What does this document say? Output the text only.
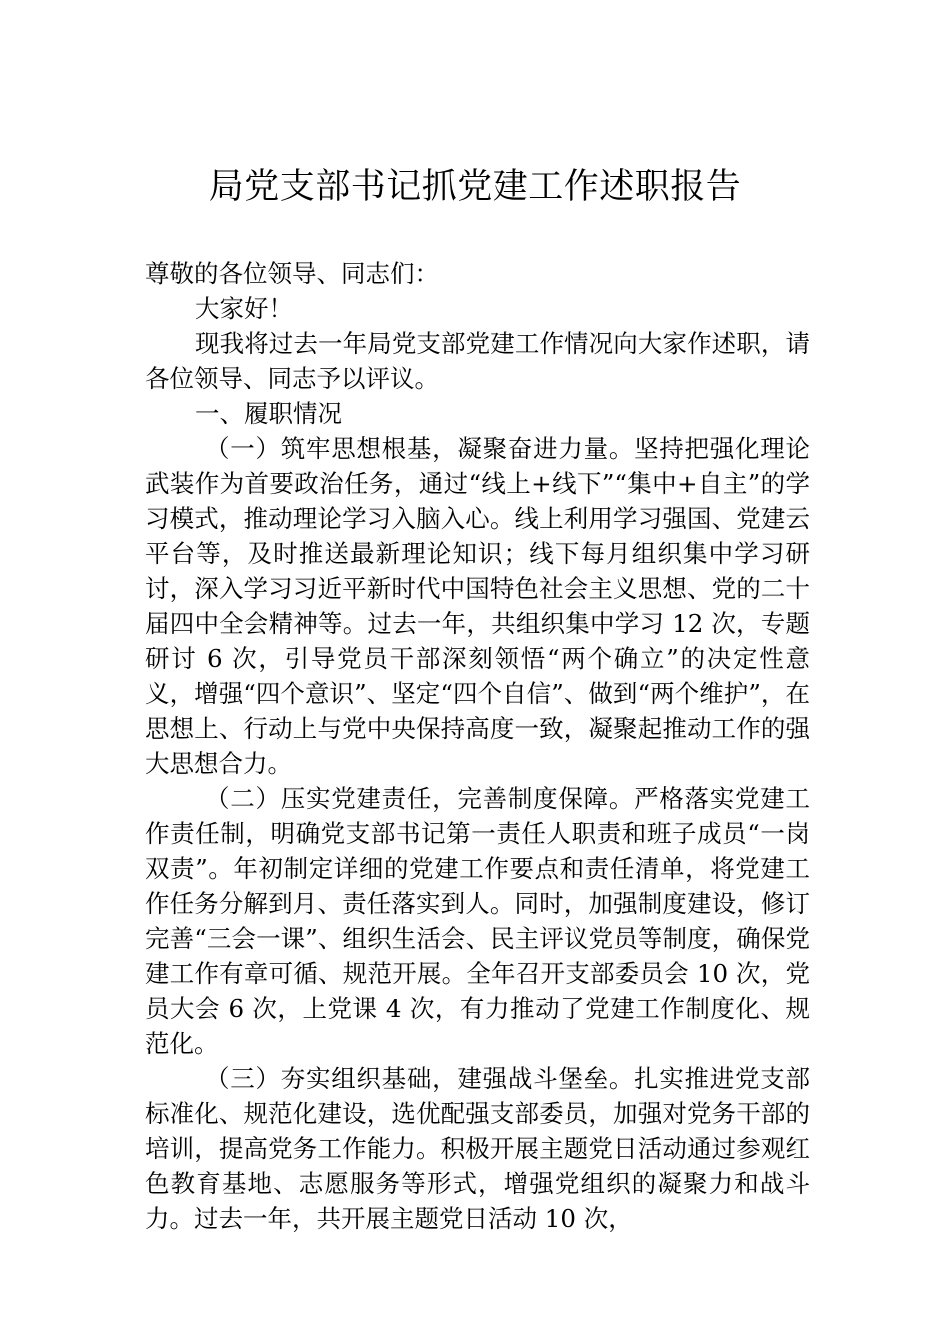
局党支部书记抓党建工作述职报告

尊敬的各位领导、同志们：

大家好！

现我将过去一年局党支部党建工作情况向大家作述职，请各位领导、同志予以评议。

一、履职情况

（一）筑牢思想根基，凝聚奋进力量。坚持把强化理论武装作为首要政治任务，通过“线上+线下”“集中+自主”的学习模式，推动理论学习入脑入心。线上利用学习强国、党建云平台等，及时推送最新理论知识；线下每月组织集中学习研讨，深入学习习近平新时代中国特色社会主义思想、党的二十届四中全会精神等。过去一年，共组织集中学习 12 次，专题研讨 6 次，引导党员干部深刻领悟“两个确立”的决定性意义，增强“四个意识”、坚定“四个自信”、做到“两个维护”，在思想上、行动上与党中央保持高度一致，凝聚起推动工作的强大思想合力。

（二）压实党建责任，完善制度保障。严格落实党建工作责任制，明确党支部书记第一责任人职责和班子成员“一岗双责”。年初制定详细的党建工作要点和责任清单，将党建工作任务分解到月、责任落实到人。同时，加强制度建设，修订完善“三会一课”、组织生活会、民主评议党员等制度，确保党建工作有章可循、规范开展。全年召开支部委员会 10 次，党员大会 6 次，上党课 4 次，有力推动了党建工作制度化、规范化。

（三）夯实组织基础，建强战斗堡垒。扎实推进党支部标准化、规范化建设，选优配强支部委员，加强对党务干部的培训，提高党务工作能力。积极开展主题党日活动通过参观红色教育基地、志愿服务等形式，增强党组织的凝聚力和战斗力。过去一年，共开展主题党日活动 10 次，
